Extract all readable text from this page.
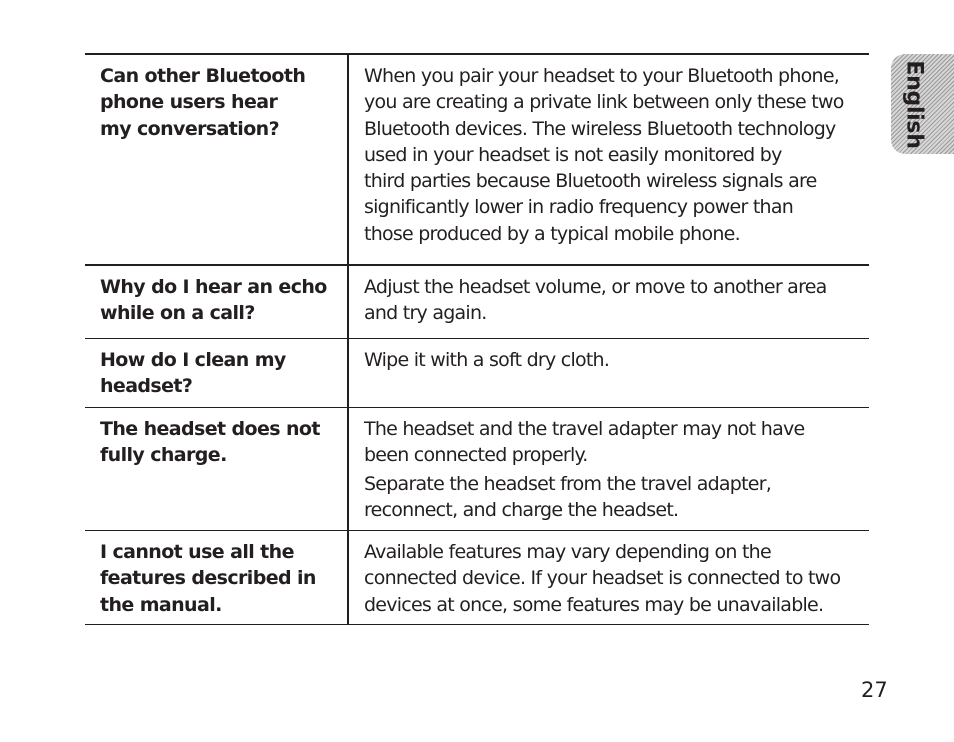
English
Can other Bluetooth
phone users hear
my conversation?
When you pair your headset to your Bluetooth phone,
you are creating a private link between only these two
Bluetooth devices. The wireless Bluetooth technology
used in your headset is not easily monitored by
third parties because Bluetooth wireless signals are
significantly lower in radio frequency power than
those produced by a typical mobile phone.
Why do I hear an echo
while on a call?
Adjust the headset volume, or move to another area
and try again.
How do I clean my
headset?
Wipe it with a soft dry cloth.
The headset does not
fully charge.
The headset and the travel adapter may not have
been connected properly.
Separate the headset from the travel adapter,
reconnect, and charge the headset.
I cannot use all the
features described in
the manual.
Available features may vary depending on the
connected device. If your headset is connected to two
devices at once, some features may be unavailable.
27
